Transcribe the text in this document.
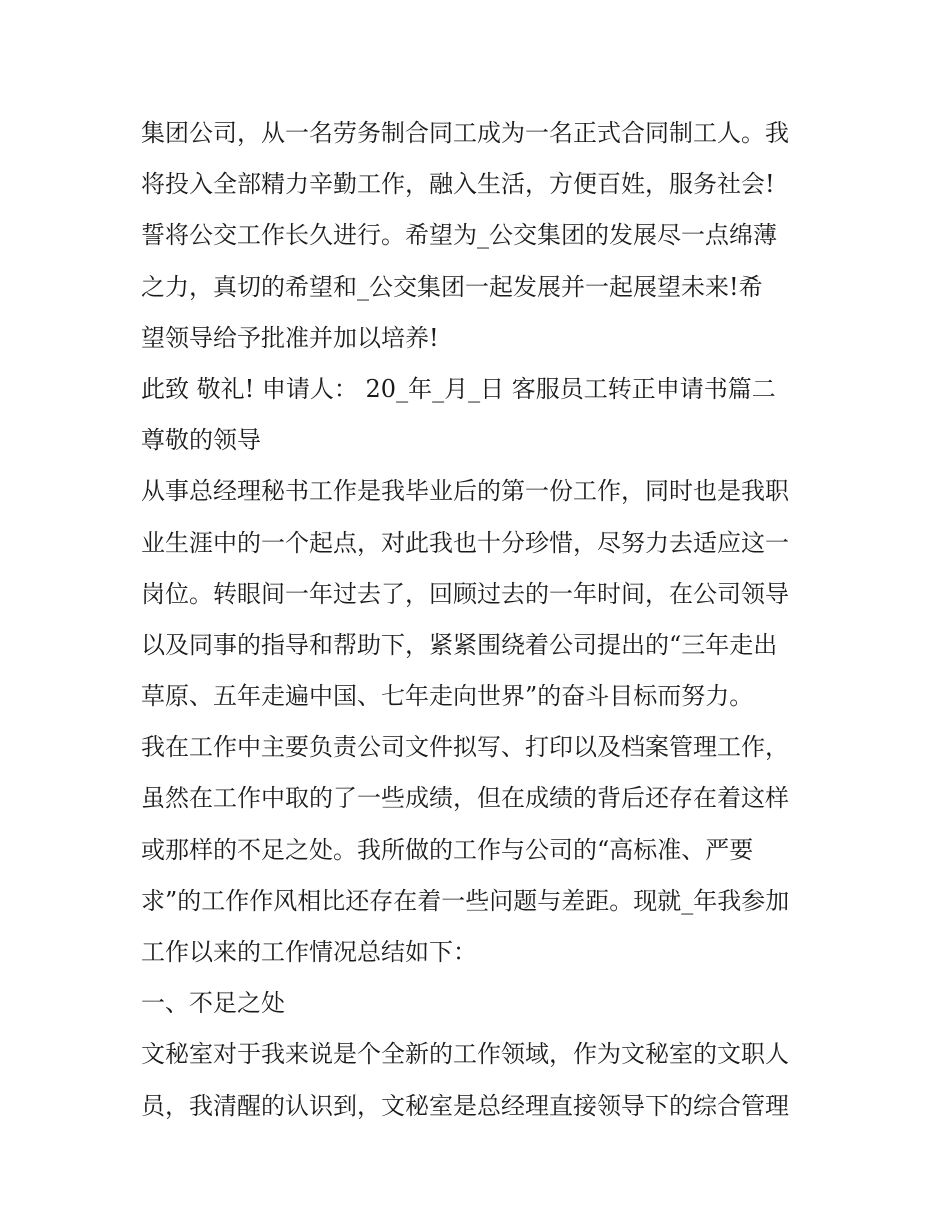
集团公司，从一名劳务制合同工成为一名正式合同制工人。我
将投入全部精力辛勤工作，融入生活，方便百姓，服务社会!
誓将公交工作长久进行。希望为_公交集团的发展尽一点绵薄
之力，真切的希望和_公交集团一起发展并一起展望未来!希
望领导给予批准并加以培养!
此致 敬礼! 申请人： 20_年_月_日 客服员工转正申请书篇二
尊敬的领导
从事总经理秘书工作是我毕业后的第一份工作，同时也是我职
业生涯中的一个起点，对此我也十分珍惜，尽努力去适应这一
岗位。转眼间一年过去了，回顾过去的一年时间，在公司领导
以及同事的指导和帮助下，紧紧围绕着公司提出的“三年走出
草原、五年走遍中国、七年走向世界”的奋斗目标而努力。
我在工作中主要负责公司文件拟写、打印以及档案管理工作，
虽然在工作中取的了一些成绩，但在成绩的背后还存在着这样
或那样的不足之处。我所做的工作与公司的“高标准、严要
求”的工作作风相比还存在着一些问题与差距。现就_年我参加
工作以来的工作情况总结如下：
一、不足之处
文秘室对于我来说是个全新的工作领域，作为文秘室的文职人
员，我清醒的认识到，文秘室是总经理直接领导下的综合管理
